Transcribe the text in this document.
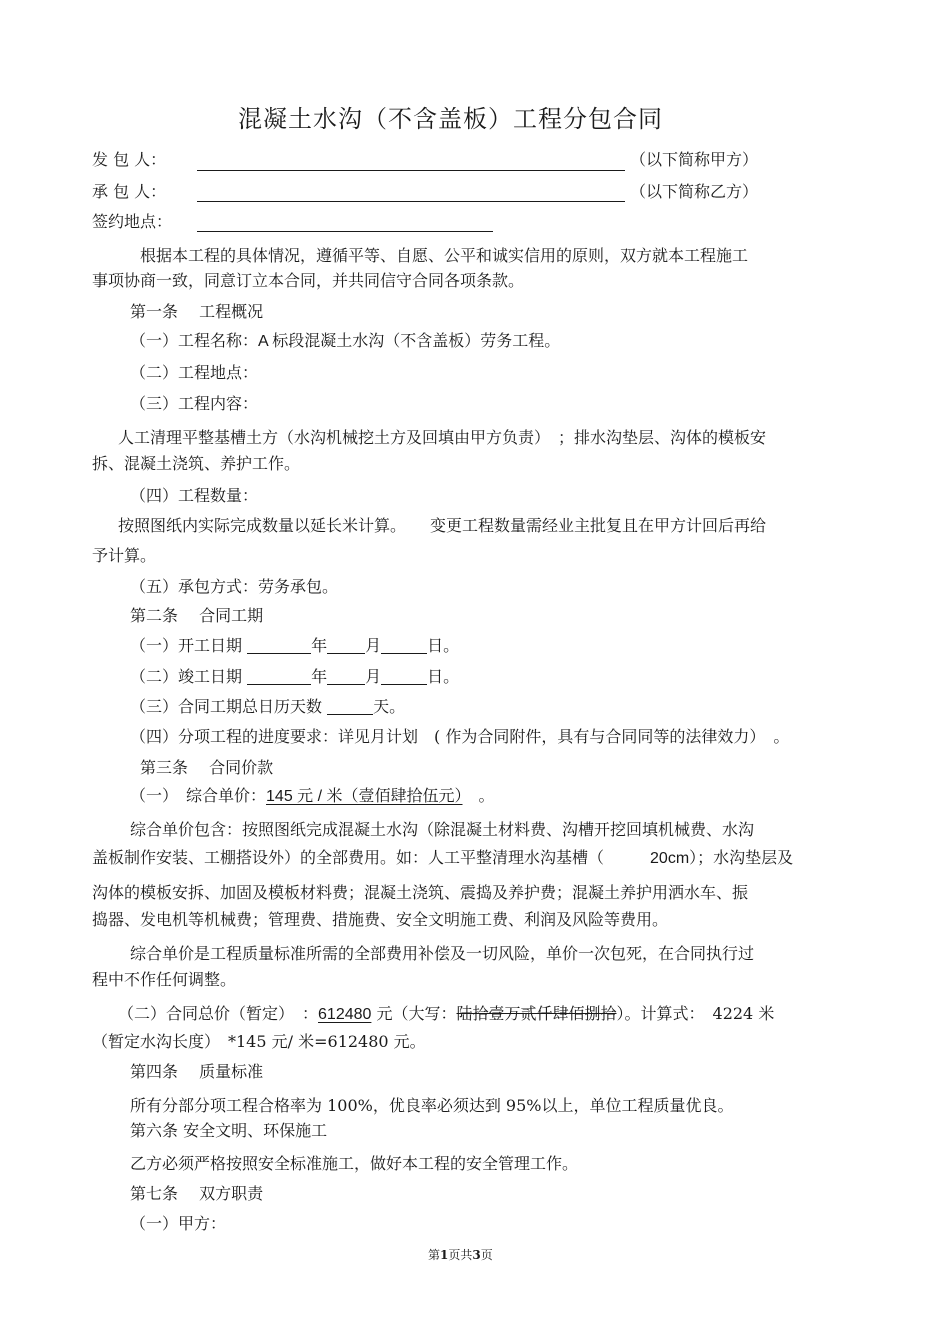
混凝土水沟（不含盖板）工程分包合同
发 包 人：	（以下简称甲方）
承 包 人：	（以下简称乙方）
签约地点：
根据本工程的具体情况，遵循平等、自愿、公平和诚实信用的原则，双方就本工程施工
事项协商一致，同意订立本合同，并共同信守合同各项条款。
第一条　 工程概况
（一）工程名称：A 标段混凝土水沟（不含盖板）劳务工程。
（二）工程地点：
（三）工程内容：
人工清理平整基槽土方（水沟机械挖土方及回填由甲方负责）　；排水沟垫层、沟体的模板安
拆、混凝土浇筑、养护工作。
（四）工程数量：
按照图纸内实际完成数量以延长米计算。　　变更工程数量需经业主批复且在甲方计回后再给
予计算。
（五）承包方式：劳务承包。
第二条　 合同工期
（一）开工日期	年 月	日。
（二）竣工日期	年 月	日。
（三）合同工期总日历天数	天。
（四）分项工程的进度要求：详见月计划　( 作为合同附件，具有与合同同等的法律效力）　。
第三条　 合同价款
（一）　综合单价：145 元 / 米（壹佰肆拾伍元）　 。
综合单价包含：按照图纸完成混凝土水沟（除混凝土材料费、沟槽开挖回填机械费、水沟
盖板制作安装、工棚搭设外）的全部费用。如：人工平整清理水沟基槽（	20cm）；水沟垫层及
沟体的模板安拆、加固及模板材料费；混凝土浇筑、震捣及养护费；混凝土养护用洒水车、振
捣器、发电机等机械费；管理费、措施费、安全文明施工费、利润及风险等费用。
综合单价是工程质量标准所需的全部费用补偿及一切风险，单价一次包死，在合同执行过
程中不作任何调整。
（二）合同总价（暂定）　：612480 元（大写：陆拾壹万贰仟肆佰捌拾）。计算式：　4224 米
（暂定水沟长度）　*145 元/ 米=612480 元。
第四条　 质量标准
所有分部分项工程合格率为 100%，优良率必须达到 95%以上，单位工程质量优良。
第六条 安全文明、环保施工
乙方必须严格按照安全标准施工，做好本工程的安全管理工作。
第七条　 双方职责
（一）甲方：
第1页共3页
